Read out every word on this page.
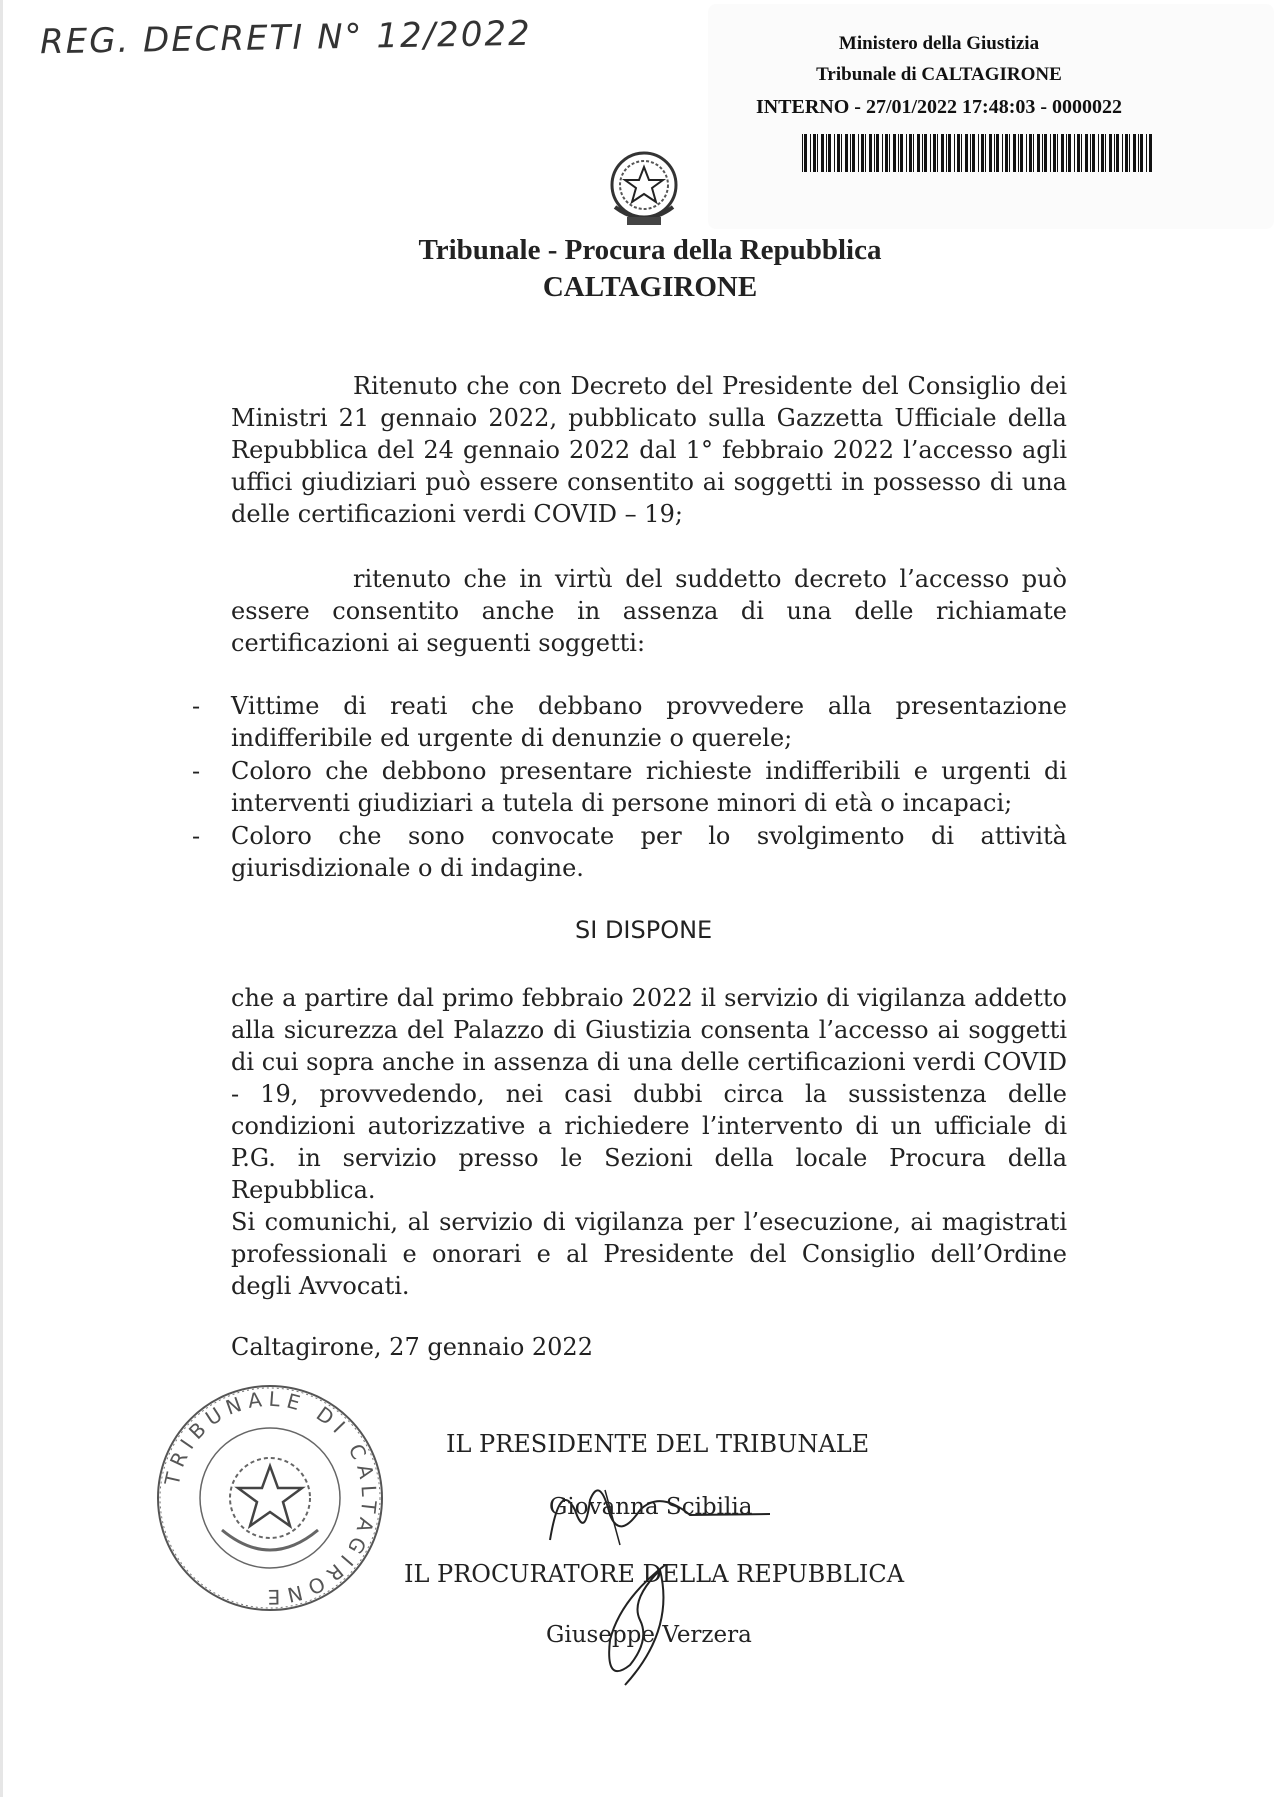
REG. DECRETI N° 12/2022	Ministero della Giustizia
Tribunale di CALTAGIRONE
INTERNO - 27/01/2022 17:48:03 - 0000022
Tribunale - Procura della Repubblica
CALTAGIRONE
Ritenuto che con Decreto del Presidente del Consiglio dei Ministri 21 gennaio 2022, pubblicato sulla Gazzetta Ufficiale della Repubblica del 24 gennaio 2022 dal 1° febbraio 2022 l’accesso agli uffici giudiziari può essere consentito ai soggetti in possesso di una delle certificazioni verdi COVID – 19;
ritenuto che in virtù del suddetto decreto l’accesso può essere consentito anche in assenza di una delle richiamate certificazioni ai seguenti soggetti:
- Vittime di reati che debbano provvedere alla presentazione indifferibile ed urgente di denunzie o querele;
- Coloro che debbono presentare richieste indifferibili e urgenti di interventi giudiziari a tutela di persone minori di età o incapaci;
- Coloro che sono convocate per lo svolgimento di attività giurisdizionale o di indagine.
SI DISPONE
che a partire dal primo febbraio 2022 il servizio di vigilanza addetto alla sicurezza del Palazzo di Giustizia consenta l’accesso ai soggetti di cui sopra anche in assenza di una delle certificazioni verdi COVID - 19, provvedendo, nei casi dubbi circa la sussistenza delle condizioni autorizzative a richiedere l’intervento di un ufficiale di P.G. in servizio presso le Sezioni della locale Procura della Repubblica.
Si comunichi, al servizio di vigilanza per l’esecuzione, ai magistrati professionali e onorari e al Presidente del Consiglio dell’Ordine degli Avvocati.
Caltagirone, 27 gennaio 2022
TRIBUNALE DI CALTAGIRONE
IL PRESIDENTE DEL TRIBUNALE
Giovanna Scibilia
IL PROCURATORE DELLA REPUBBLICA
Giuseppe Verzera
